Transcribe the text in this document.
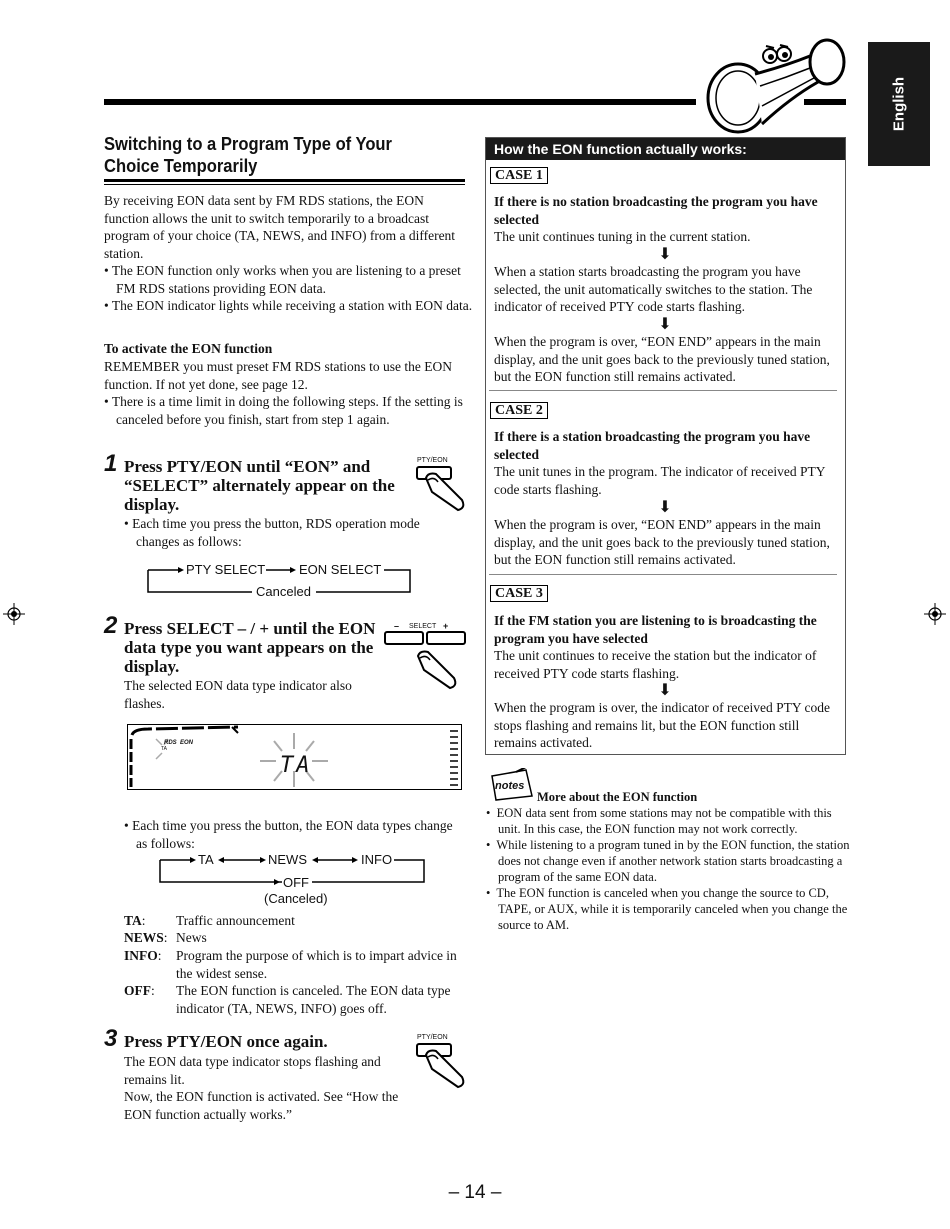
English
Switching to a Program Type of Your Choice Temporarily
By receiving EON data sent by FM RDS stations, the EON function allows the unit to switch temporarily to a broadcast program of your choice (TA, NEWS, and INFO) from a different station.
• The EON function only works when you are listening to a preset FM RDS stations providing EON data.
• The EON indicator lights while receiving a station with EON data.
To activate the EON function
REMEMBER you must preset FM RDS stations to use the EON function. If not yet done, see page 12.
• There is a time limit in doing the following steps. If the setting is canceled before you finish, start from step 1 again.
1 Press PTY/EON until “EON” and “SELECT” alternately appear on the display.
PTY/EON
• Each time you press the button, RDS operation mode changes as follows:
PTY SELECT	EON SELECT
Canceled
2 Press SELECT – / + until the EON data type you want appears on the display.
– SELECT +
The selected EON data type indicator also flashes.
RDS EON
TA
TA
• Each time you press the button, the EON data types change as follows:
TA	NEWS	INFO
OFF
(Canceled)
TA: Traffic announcement
NEWS: News
INFO: Program the purpose of which is to impart advice in the widest sense.
OFF: The EON function is canceled. The EON data type indicator (TA, NEWS, INFO) goes off.
3 Press PTY/EON once again.	PTY/EON
The EON data type indicator stops flashing and remains lit.
Now, the EON function is activated. See “How the EON function actually works.”
How the EON function actually works:
CASE 1
If there is no station broadcasting the program you have selected
The unit continues tuning in the current station.
⬇
When a station starts broadcasting the program you have selected, the unit automatically switches to the station. The indicator of received PTY code starts flashing.
⬇
When the program is over, “EON END” appears in the main display, and the unit goes back to the previously tuned station, but the EON function still remains activated.
CASE 2
If there is a station broadcasting the program you have selected
The unit tunes in the program. The indicator of received PTY code starts flashing.
⬇
When the program is over, “EON END” appears in the main display, and the unit goes back to the previously tuned station, but the EON function still remains activated.
CASE 3
If the FM station you are listening to is broadcasting the program you have selected
The unit continues to receive the station but the indicator of received PTY code starts flashing.
⬇
When the program is over, the indicator of received PTY code stops flashing and remains lit, but the EON function still remains activated.
notes
More about the EON function
• EON data sent from some stations may not be compatible with this unit. In this case, the EON function may not work correctly.
• While listening to a program tuned in by the EON function, the station does not change even if another network station starts broadcasting a program of the same EON data.
• The EON function is canceled when you change the source to CD, TAPE, or AUX, while it is temporarily canceled when you change the source to AM.
– 14 –
